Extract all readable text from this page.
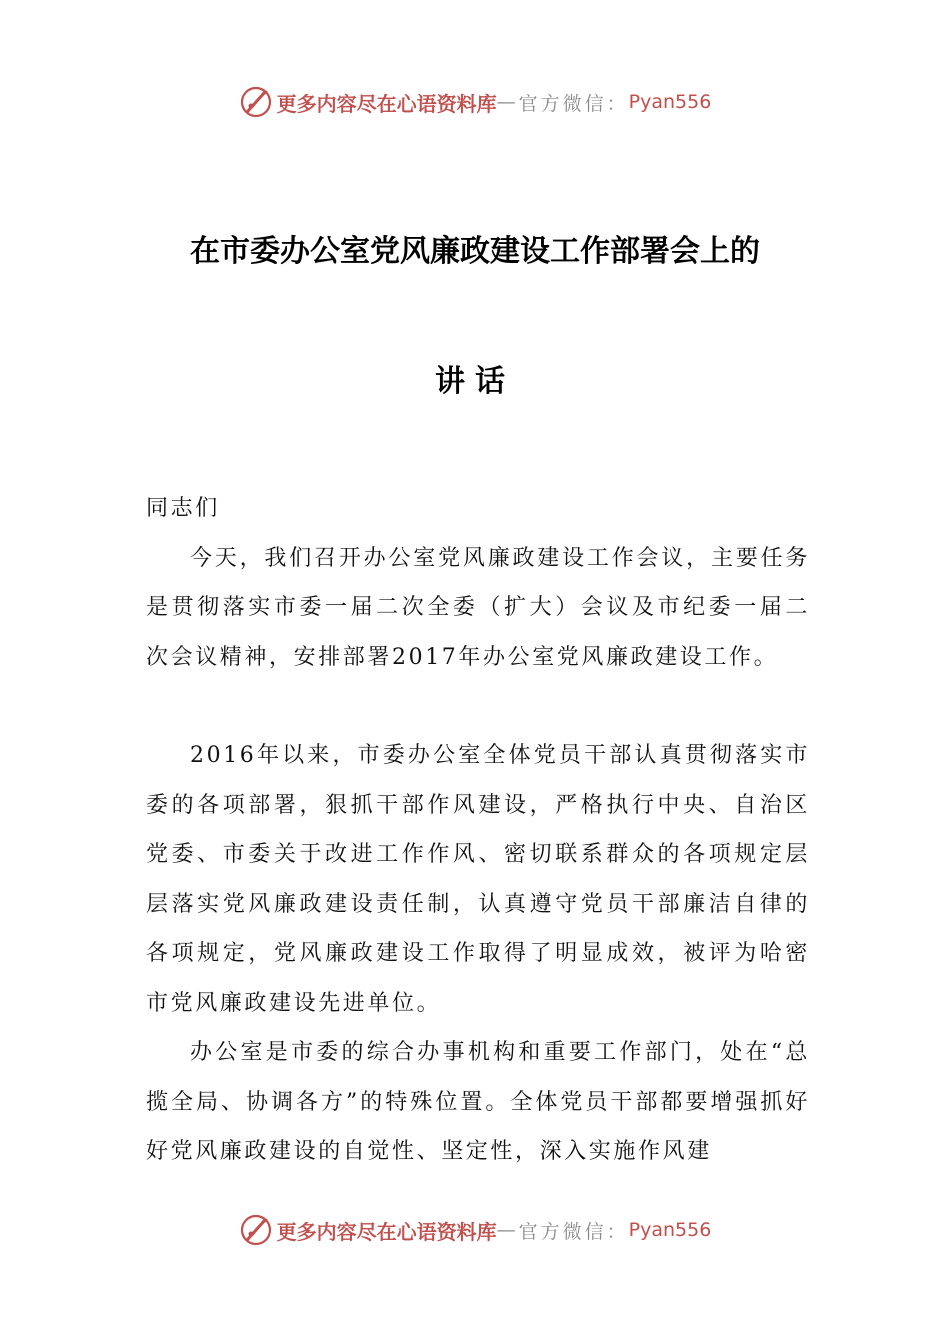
更多内容尽在心语资料库 — 官方微信： Pyan556
在市委办公室党风廉政建设工作部署会上的
讲话

同志们

今天，我们召开办公室党风廉政建设工作会议，主要任务是贯彻落实市委一届二次全委（扩大）会议及市纪委一届二次会议精神，安排部署2017年办公室党风廉政建设工作。

2016年以来，市委办公室全体党员干部认真贯彻落实市委的各项部署，狠抓干部作风建设，严格执行中央、自治区党委、市委关于改进工作作风、密切联系群众的各项规定层层落实党风廉政建设责任制，认真遵守党员干部廉洁自律的各项规定，党风廉政建设工作取得了明显成效，被评为哈密市党风廉政建设先进单位。

办公室是市委的综合办事机构和重要工作部门，处在“总揽全局、协调各方”的特殊位置。全体党员干部都要增强抓好好党风廉政建设的自觉性、坚定性，深入实施作风建

更多内容尽在心语资料库 — 官方微信： Pyan556
